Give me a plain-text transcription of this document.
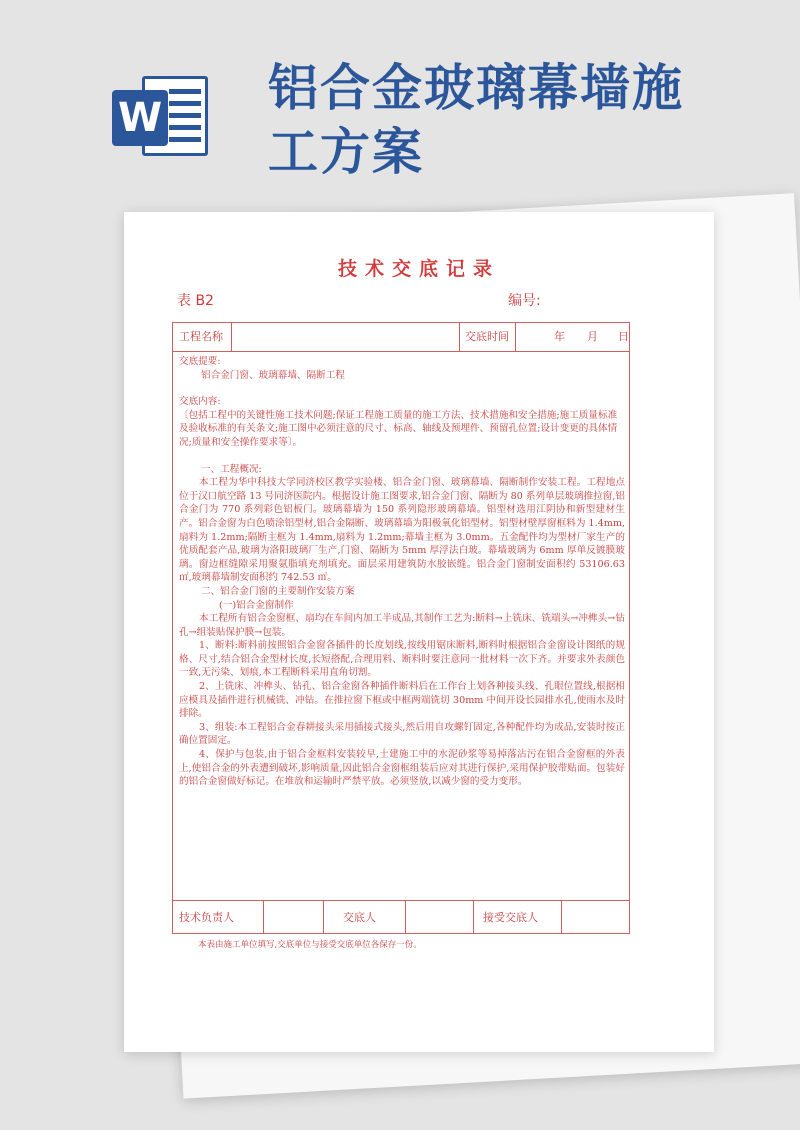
W
铝合金玻璃幕墙施工方案
技术交底记录
表 B2	编号:
工程名称	交底时间	年 月 日
交底提要:
铝合金门窗、玻璃幕墙、隔断工程
交底内容:
〔包括工程中的关键性施工技术问题;保证工程施工质量的施工方法、技术措施和安全措施;施工质量标准及验收标准的有关条文;施工图中必须注意的尺寸、标高、轴线及预埋件、预留孔位置;设计变更的具体情况;质量和安全操作要求等〕。
一、工程概况:

本工程为华中科技大学同济校区教学实验楼、铝合金门窗、玻璃幕墙、隔断制作安装工程。工程地点位于汉口航空路 13 号同济医院内。根据设计施工图要求,铝合金门窗、隔断为 80 系列单层玻璃推拉窗,铝合金门为 770 系列彩色铝板门。玻璃幕墙为 150 系列隐形玻璃幕墙。铝型材选用江阴协和新型建材生产。铝合金窗为白色喷涂铝型材,铝合金隔断、玻璃幕墙为阳极氧化铝型材。铝型材壁厚窗框料为 1.4mm,扇料为 1.2mm;隔断主框为 1.4mm,扇料为 1.2mm;幕墙主框为 3.0mm。五金配件均为型材厂家生产的优质配套产品,玻璃为洛阳玻璃厂生产,门窗、隔断为 5mm 厚浮法白玻。幕墙玻璃为 6mm 厚单反镀膜玻璃。窗边框缝隙采用聚氨脂填充剂填充。面层采用建筑防水胶嵌缝。铝合金门窗制安面积约 53106.63 ㎡,玻璃幕墙制安面积约 742.53 ㎡。

二、铝合金门窗的主要制作安装方案
(一)铝合金窗制作

本工程所有铝合金窗框、扇均在车间内加工半成品,其制作工艺为:断料→上铣床、铣端头→冲榫头→钻孔→组装贴保护膜→包装。

1、断料:断料前按照铝合金窗各插件的长度划线,按线用锯床断料,断料时根据铝合金窗设计图纸的规格、尺寸,结合铝合金型材长度,长短搭配,合理用料、断料时要注意同一批材料一次下齐。并要求外表颜色一致,无污染、划痕,本工程断料采用直角切割。

2、上铣床、冲榫头、钻孔、铝合金窗各种插件断料后在工作台上划各种接头线、孔眼位置线,根据相应模具及插件进行机械铣、冲钻。在推拉窗下框或中框两端铣切 30mm 中间开设长园排水孔,使雨水及时排除。

3、组装:本工程铝合金春耕接头采用插接式接头,然后用自攻螺钉固定,各种配件均为成品,安装时按正确位置固定。

4、保护与包装,由于铝合金框料安装较早,土建施工中的水泥砂浆等易掉落沾污在铝合金窗框的外表上,使铝合金的外表遭到破坏,影响质量,因此铝合金窗框组装后应对其进行保护,采用保护胶带贴面。包装好的铝合金窗做好标记。在堆放和运输时严禁平放。必须竖放,以减少窗的受力变形。

技术负责人	交底人	接受交底人
本表由施工单位填写,交底单位与接受交底单位各保存一份。
